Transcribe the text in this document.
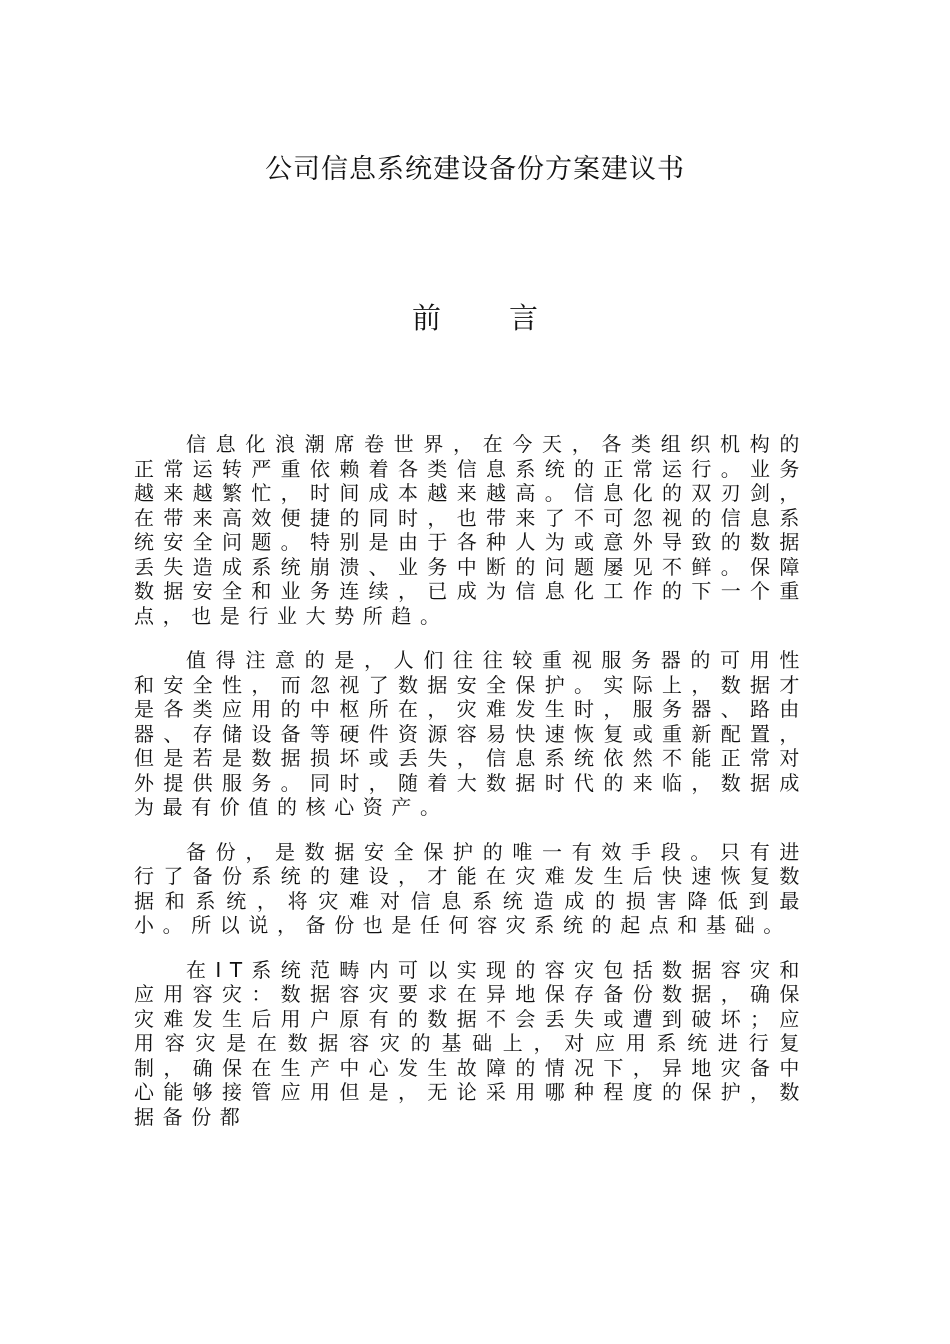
公司信息系统建设备份方案建议书
前 言

信息化浪潮席卷世界，在今天，各类组织机构的正常运转严重依赖着各类信息系统的正常运行。业务越来越繁忙，时间成本越来越高。信息化的双刃剑，在带来高效便捷的同时，也带来了不可忽视的信息系统安全问题。特别是由于各种人为或意外导致的数据丢失造成系统崩溃、业务中断的问题屡见不鲜。保障数据安全和业务连续，已成为信息化工作的下一个重点，也是行业大势所趋。

值得注意的是，人们往往较重视服务器的可用性和安全性，而忽视了数据安全保护。实际上，数据才是各类应用的中枢所在，灾难发生时，服务器、路由器、存储设备等硬件资源容易快速恢复或重新配置，但是若是数据损坏或丢失，信息系统依然不能正常对外提供服务。同时，随着大数据时代的来临，数据成为最有价值的核心资产。

备份，是数据安全保护的唯一有效手段。只有进行了备份系统的建设，才能在灾难发生后快速恢复数据和系统，将灾难对信息系统造成的损害降低到最小。所以说，备份也是任何容灾系统的起点和基础。

在IT系统范畴内可以实现的容灾包括数据容灾和应用容灾：数据容灾要求在异地保存备份数据，确保灾难发生后用户原有的数据不会丢失或遭到破坏；应用容灾是在数据容灾的基础上，对应用系统进行复制，确保在生产中心发生故障的情况下，异地灾备中心能够接管应用但是，无论采用哪种程度的保护，数据备份都
